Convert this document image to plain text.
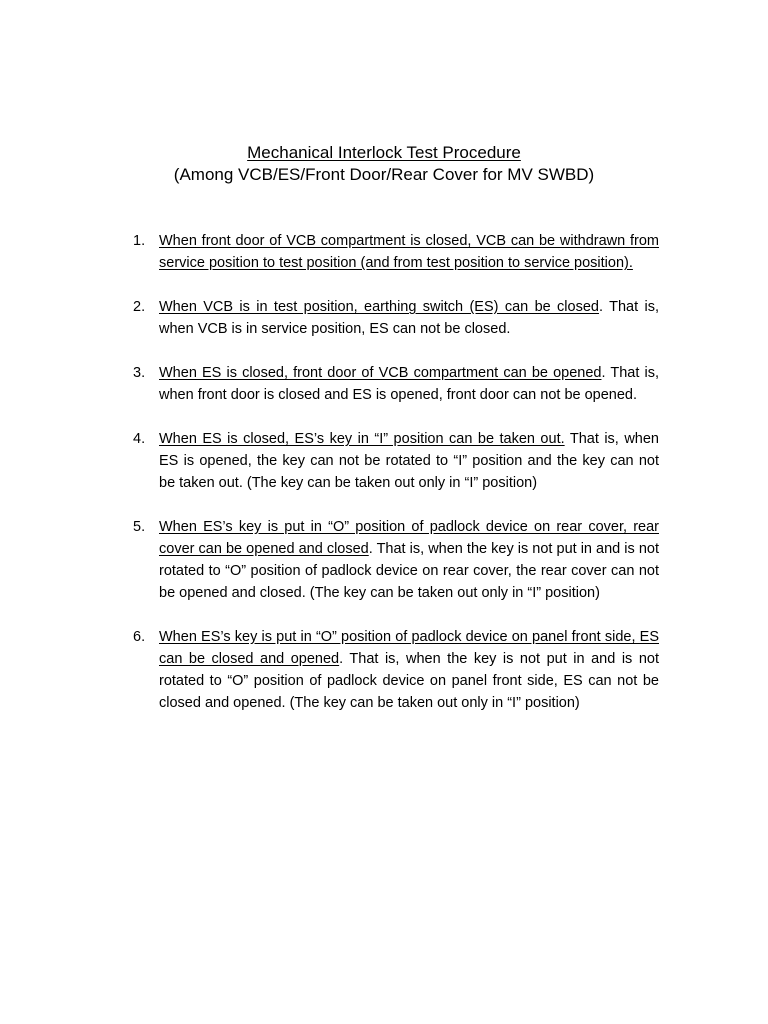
Mechanical Interlock Test Procedure
(Among VCB/ES/Front Door/Rear Cover for MV SWBD)
1. When front door of VCB compartment is closed, VCB can be withdrawn from service position to test position (and from test position to service position).
2. When VCB is in test position, earthing switch (ES) can be closed. That is, when VCB is in service position, ES can not be closed.
3. When ES is closed, front door of VCB compartment can be opened. That is, when front door is closed and ES is opened, front door can not be opened.
4. When ES is closed, ES’s key in “I” position can be taken out. That is, when ES is opened, the key can not be rotated to “I” position and the key can not be taken out. (The key can be taken out only in “I” position)
5. When ES’s key is put in “O” position of padlock device on rear cover, rear cover can be opened and closed. That is, when the key is not put in and is not rotated to “O” position of padlock device on rear cover, the rear cover can not be opened and closed. (The key can be taken out only in “I” position)
6. When ES’s key is put in “O” position of padlock device on panel front side, ES can be closed and opened. That is, when the key is not put in and is not rotated to “O” position of padlock device on panel front side, ES can not be closed and opened. (The key can be taken out only in “I” position)
